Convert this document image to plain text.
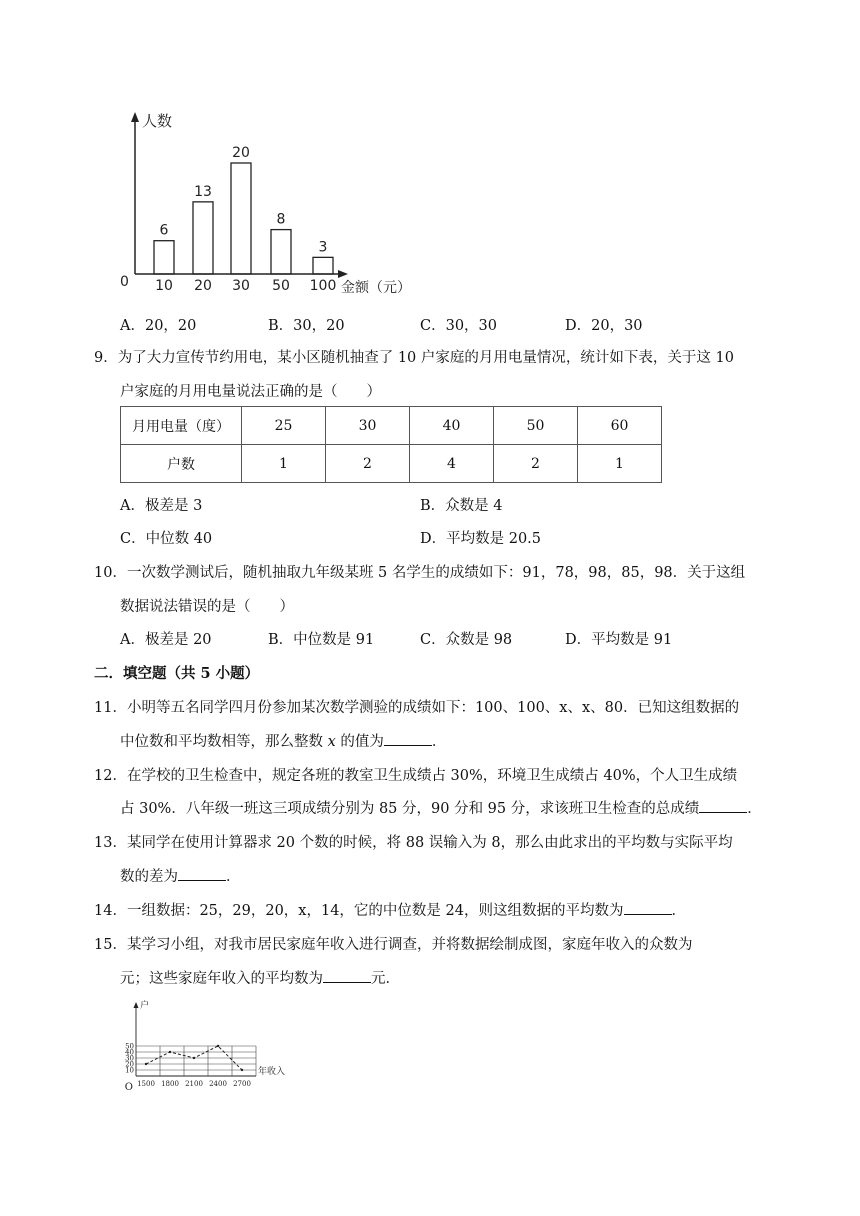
0
人数
金额（元）
6
10
13
20
20
30
8
50
3
100
A．20，20	B．30，20	C．30，30	D．20，30
9．为了大力宣传节约用电，某小区随机抽查了 10 户家庭的月用电量情况，统计如下表，关于这 10
户家庭的月用电量说法正确的是（　　）
月用电量（度）	25	30	40	50	60
户数	1	2	4	2	1
A．极差是 3	B．众数是 4
C．中位数 40	D．平均数是 20.5
10．一次数学测试后，随机抽取九年级某班 5 名学生的成绩如下：91，78，98，85，98．关于这组
数据说法错误的是（　　）
A．极差是 20	B．中位数是 91	C．众数是 98	D．平均数是 91
二．填空题（共 5 小题）
11．小明等五名同学四月份参加某次数学测验的成绩如下：100、100、x、x、80．已知这组数据的
中位数和平均数相等，那么整数 x 的值为	．
12．在学校的卫生检查中，规定各班的教室卫生成绩占 30%，环境卫生成绩占 40%，个人卫生成绩
占 30%．八年级一班这三项成绩分别为 85 分，90 分和 95 分，求该班卫生检查的总成绩	．
13．某同学在使用计算器求 20 个数的时候，将 88 误输入为 8，那么由此求出的平均数与实际平均
数的差为	．
14．一组数据：25，29，20，x，14，它的中位数是 24，则这组数据的平均数为	．
15．某学习小组，对我市居民家庭年收入进行调查，并将数据绘制成图，家庭年收入的众数为
元；这些家庭年收入的平均数为	元．
10
20
30
40
50
1500 1800 2100 2400 2700
户
年收入
O
